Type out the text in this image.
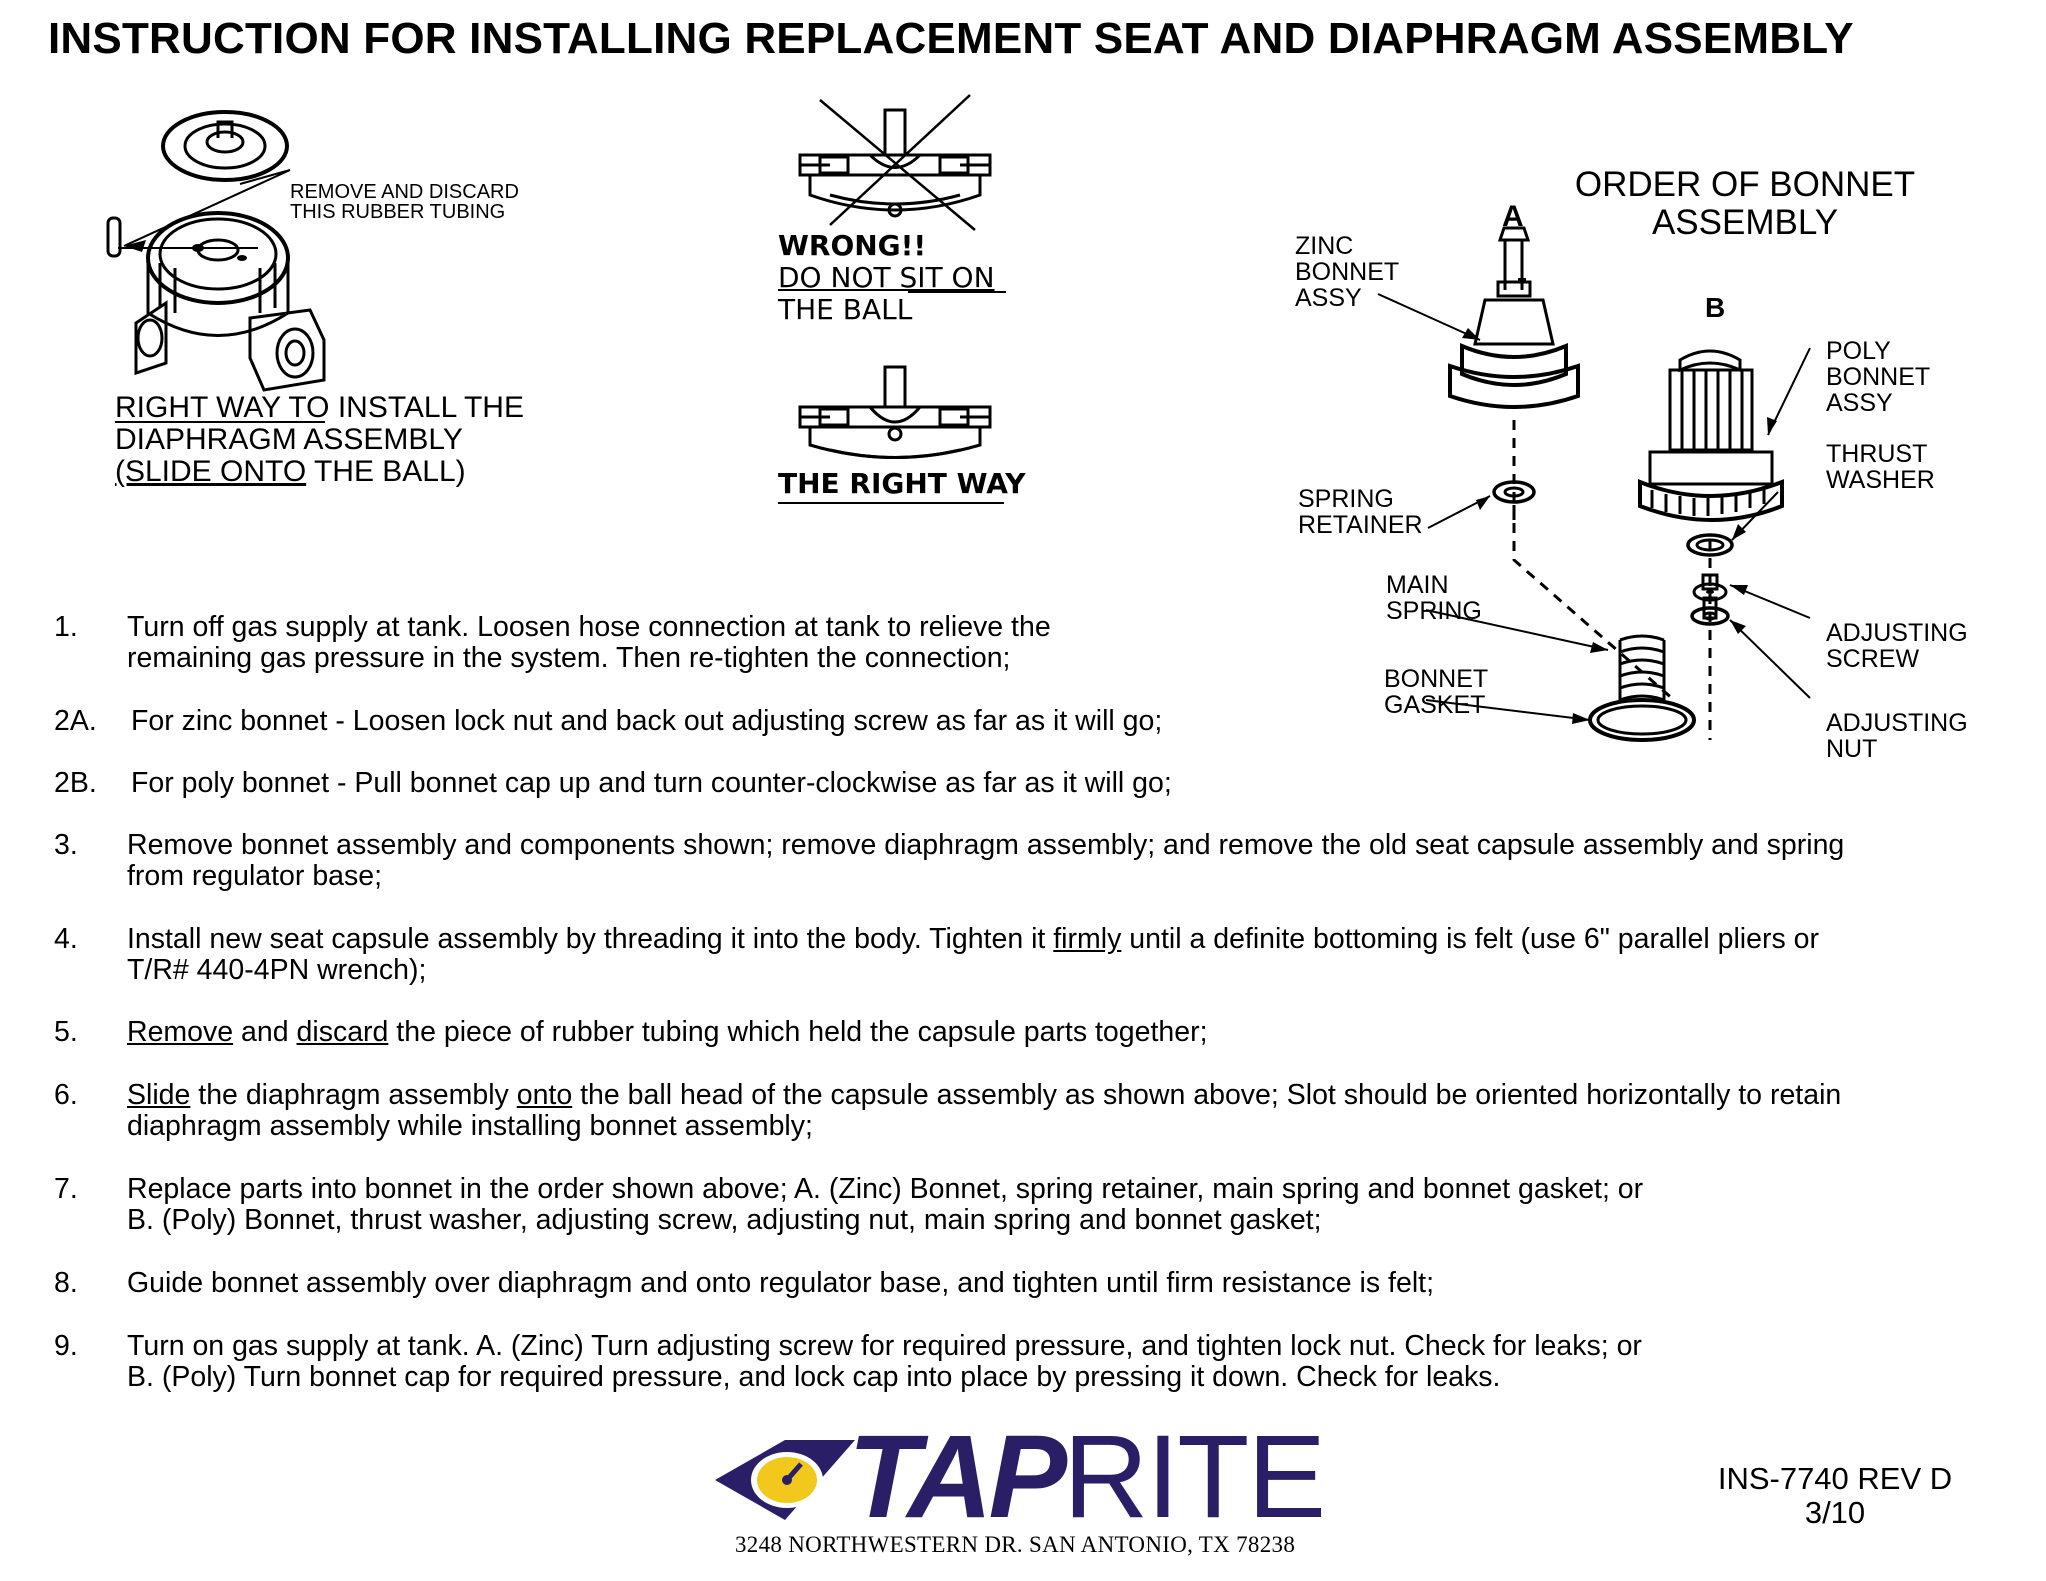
INSTRUCTION FOR INSTALLING REPLACEMENT SEAT AND DIAPHRAGM ASSEMBLY
REMOVE AND DISCARD
THIS RUBBER TUBING
RIGHT WAY TO INSTALL THE
DIAPHRAGM ASSEMBLY
(SLIDE ONTO THE BALL)
WRONG!!
DO NOT SIT ON
THE BALL
THE RIGHT WAY
ORDER OF BONNET
ASSEMBLY
A
B
ZINC
BONNET
ASSY
POLY
BONNET
ASSY
THRUST
WASHER
SPRING
RETAINER
MAIN
SPRING
BONNET
GASKET
ADJUSTING
SCREW
ADJUSTING
NUT
1. Turn off gas supply at tank. Loosen hose connection at tank to relieve the
remaining gas pressure in the system. Then re-tighten the connection;
2A. For zinc bonnet - Loosen lock nut and back out adjusting screw as far as it will go;
2B. For poly bonnet - Pull bonnet cap up and turn counter-clockwise as far as it will go;
3. Remove bonnet assembly and components shown; remove diaphragm assembly; and remove the old seat capsule assembly and spring
from regulator base;
4. Install new seat capsule assembly by threading it into the body. Tighten it firmly until a definite bottoming is felt (use 6" parallel pliers or
T/R# 440-4PN wrench);
5. Remove and discard the piece of rubber tubing which held the capsule parts together;
6. Slide the diaphragm assembly onto the ball head of the capsule assembly as shown above; Slot should be oriented horizontally to retain
diaphragm assembly while installing bonnet assembly;
7. Replace parts into bonnet in the order shown above; A. (Zinc) Bonnet, spring retainer, main spring and bonnet gasket; or
B. (Poly) Bonnet, thrust washer, adjusting screw, adjusting nut, main spring and bonnet gasket;
8. Guide bonnet assembly over diaphragm and onto regulator base, and tighten until firm resistance is felt;
9. Turn on gas supply at tank. A. (Zinc) Turn adjusting screw for required pressure, and tighten lock nut. Check for leaks; or
B. (Poly) Turn bonnet cap for required pressure, and lock cap into place by pressing it down. Check for leaks.
TAPRITE
3248 NORTHWESTERN DR. SAN ANTONIO, TX 78238
INS-7740 REV D
3/10
